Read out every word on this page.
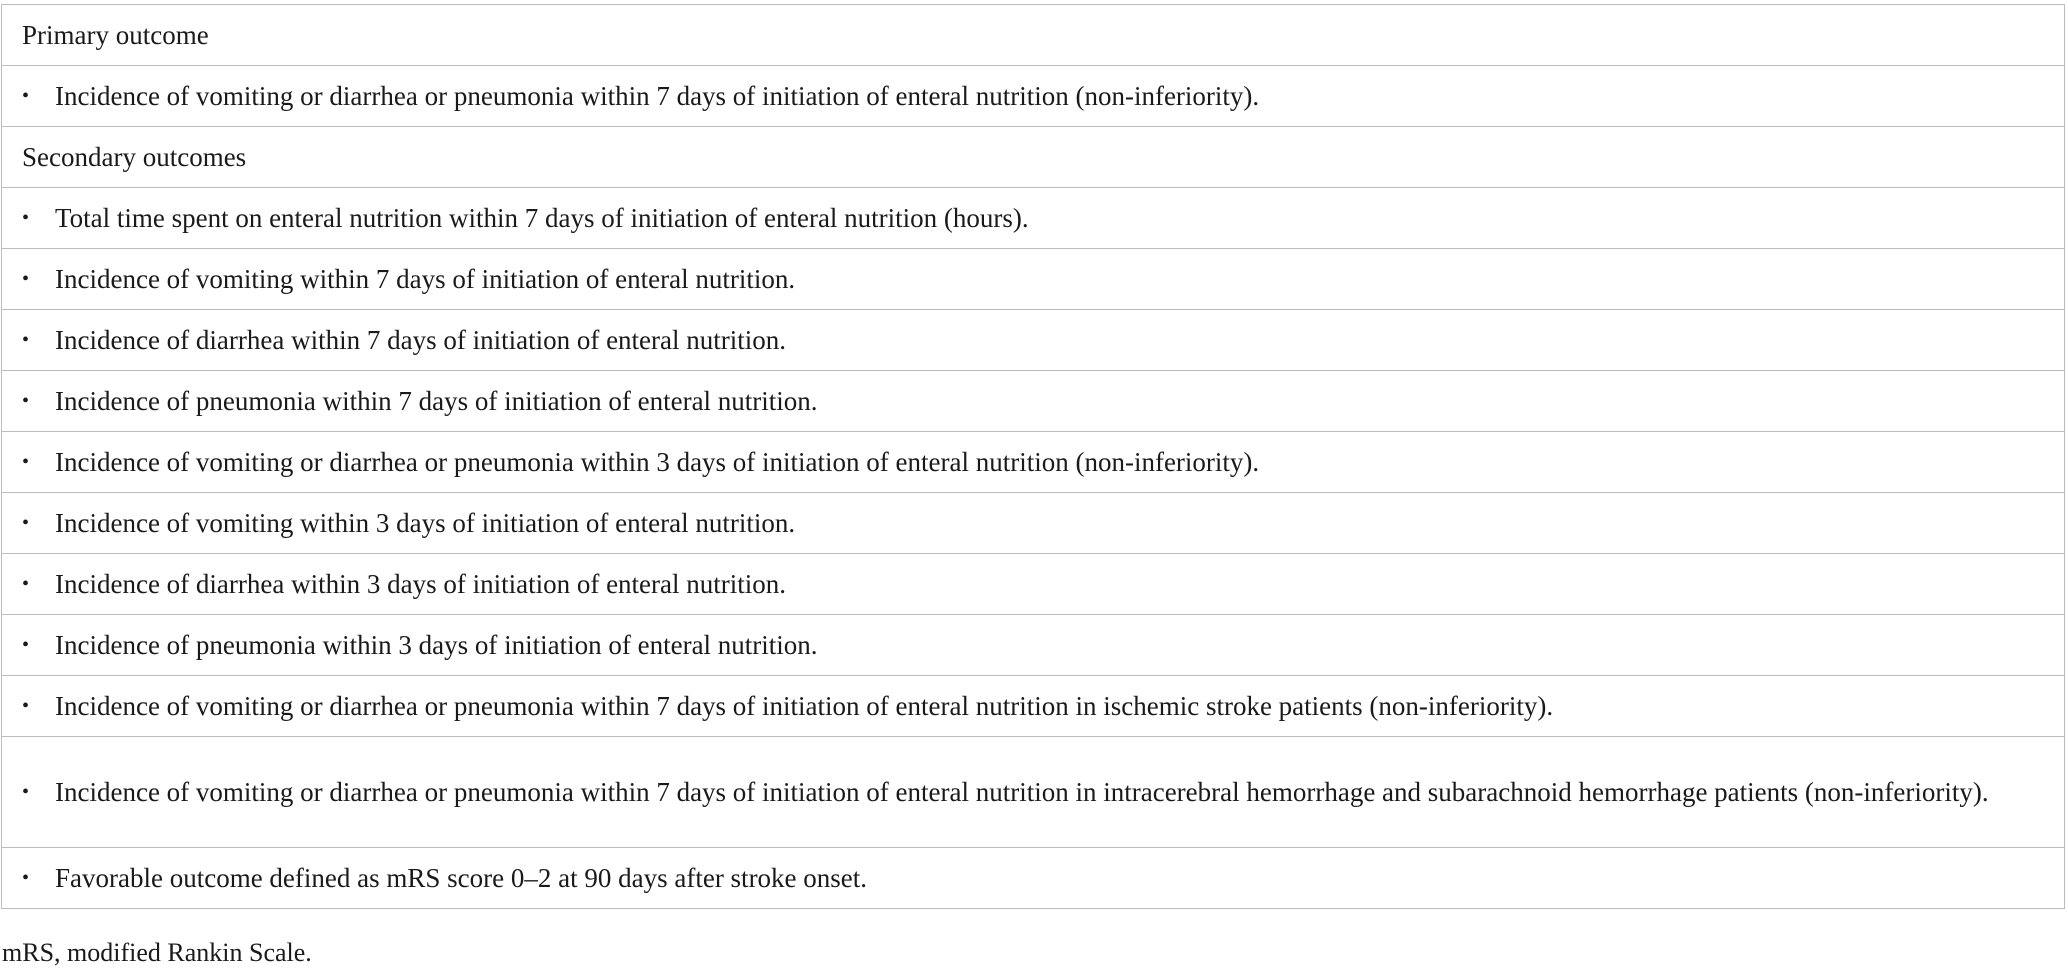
Primary outcome

• Incidence of vomiting or diarrhea or pneumonia within 7 days of initiation of enteral nutrition (non-inferiority).

Secondary outcomes

• Total time spent on enteral nutrition within 7 days of initiation of enteral nutrition (hours).

• Incidence of vomiting within 7 days of initiation of enteral nutrition.

• Incidence of diarrhea within 7 days of initiation of enteral nutrition.

• Incidence of pneumonia within 7 days of initiation of enteral nutrition.

• Incidence of vomiting or diarrhea or pneumonia within 3 days of initiation of enteral nutrition (non-inferiority).

• Incidence of vomiting within 3 days of initiation of enteral nutrition.

• Incidence of diarrhea within 3 days of initiation of enteral nutrition.

• Incidence of pneumonia within 3 days of initiation of enteral nutrition.

• Incidence of vomiting or diarrhea or pneumonia within 7 days of initiation of enteral nutrition in ischemic stroke patients (non-inferiority).

• Incidence of vomiting or diarrhea or pneumonia within 7 days of initiation of enteral nutrition in intracerebral hemorrhage and subarachnoid hemorrhage patients (non-inferiority).

• Favorable outcome defined as mRS score 0–2 at 90 days after stroke onset.
mRS, modified Rankin Scale.
